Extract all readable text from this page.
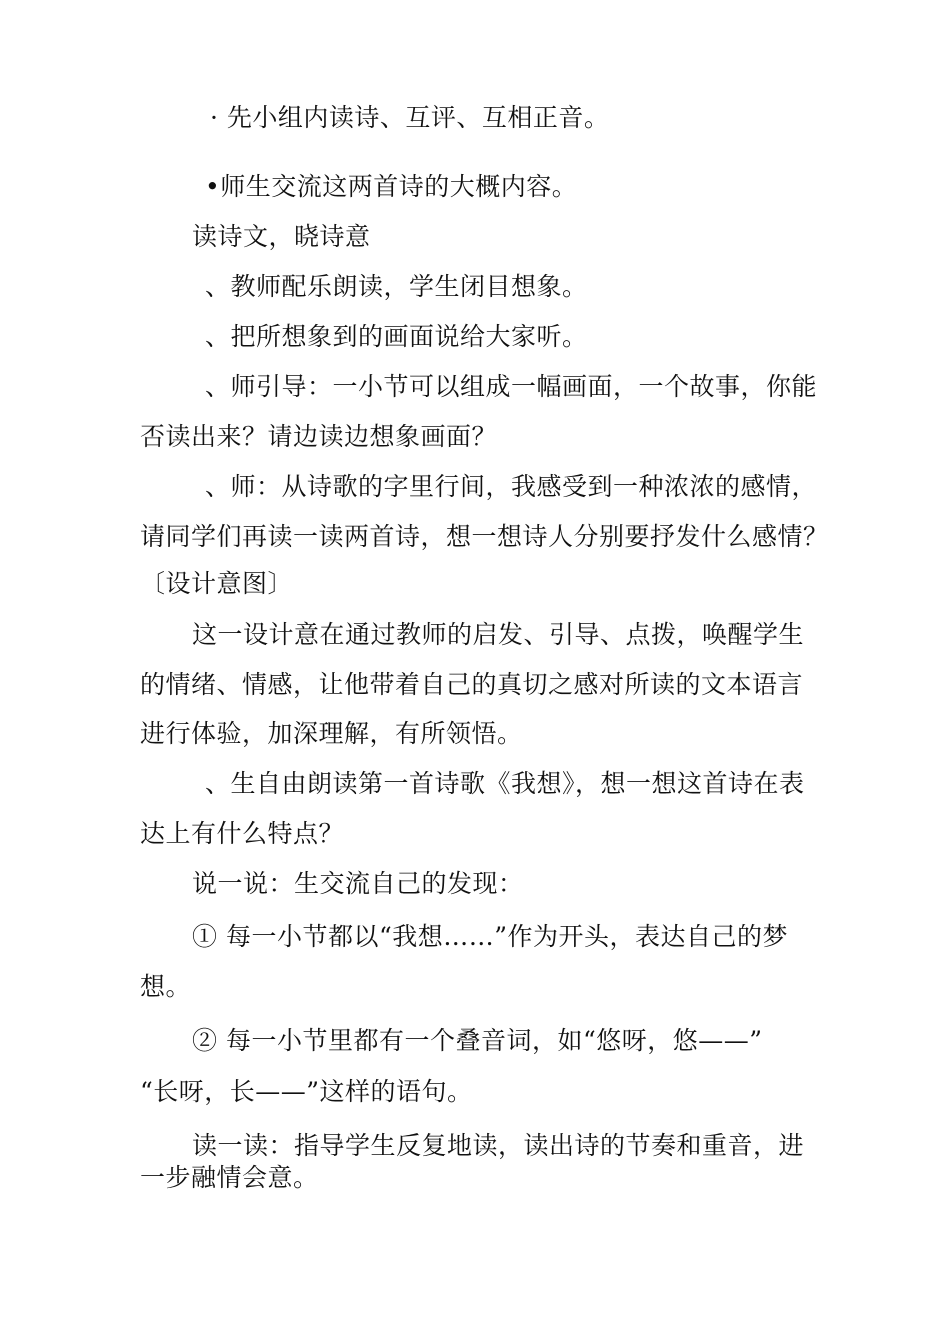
· 先小组内读诗、互评、互相正音。
•师生交流这两首诗的大概内容。
读诗文，晓诗意
、教师配乐朗读，学生闭目想象。
、把所想象到的画面说给大家听。
、师引导：一小节可以组成一幅画面，一个故事，你能
否读出来？请边读边想象画面？
、师：从诗歌的字里行间，我感受到一种浓浓的感情，
请同学们再读一读两首诗，想一想诗人分别要抒发什么感情？
〔设计意图〕
这一设计意在通过教师的启发、引导、点拨，唤醒学生
的情绪、情感，让他带着自己的真切之感对所读的文本语言
进行体验，加深理解，有所领悟。
、生自由朗读第一首诗歌《我想》，想一想这首诗在表
达上有什么特点？
说一说：生交流自己的发现：
① 每一小节都以“我想……”作为开头，表达自己的梦
想。
② 每一小节里都有一个叠音词，如“悠呀，悠——”
“长呀，长——”这样的语句。
读一读：指导学生反复地读，读出诗的节奏和重音，进
一步融情会意。
